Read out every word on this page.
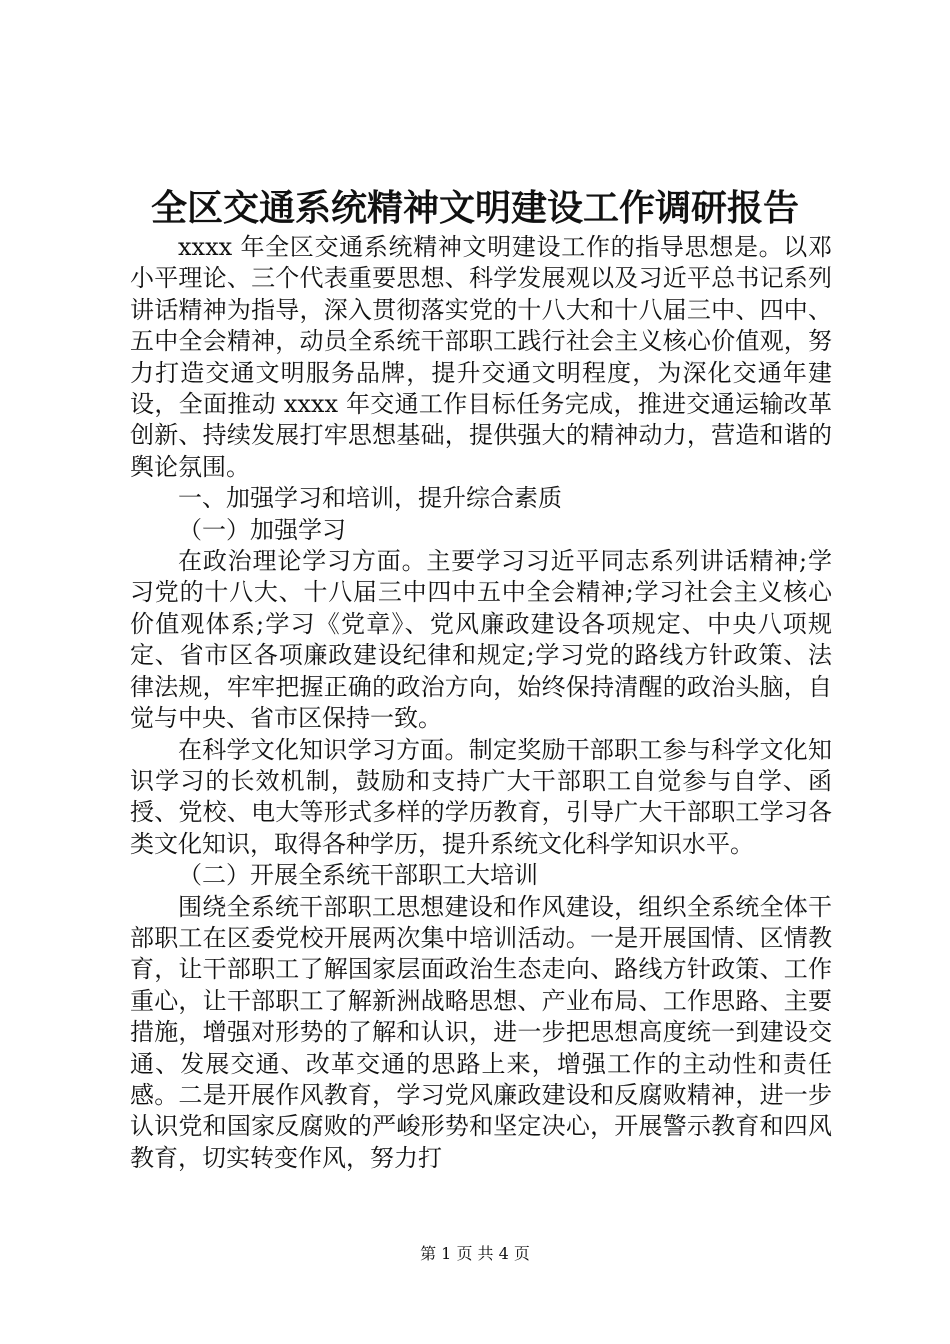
全区交通系统精神文明建设工作调研报告

xxxx 年全区交通系统精神文明建设工作的指导思想是。以邓小平理论、三个代表重要思想、科学发展观以及习近平总书记系列讲话精神为指导，深入贯彻落实党的十八大和十八届三中、四中、五中全会精神，动员全系统干部职工践行社会主义核心价值观，努力打造交通文明服务品牌，提升交通文明程度，为深化交通年建设，全面推动 xxxx 年交通工作目标任务完成，推进交通运输改革创新、持续发展打牢思想基础，提供强大的精神动力，营造和谐的舆论氛围。

一、加强学习和培训，提升综合素质

（一）加强学习

在政治理论学习方面。主要学习习近平同志系列讲话精神;学习党的十八大、十八届三中四中五中全会精神;学习社会主义核心价值观体系;学习《党章》、党风廉政建设各项规定、中央八项规定、省市区各项廉政建设纪律和规定;学习党的路线方针政策、法律法规，牢牢把握正确的政治方向，始终保持清醒的政治头脑，自觉与中央、省市区保持一致。

在科学文化知识学习方面。制定奖励干部职工参与科学文化知识学习的长效机制，鼓励和支持广大干部职工自觉参与自学、函授、党校、电大等形式多样的学历教育，引导广大干部职工学习各类文化知识，取得各种学历，提升系统文化科学知识水平。

（二）开展全系统干部职工大培训

围绕全系统干部职工思想建设和作风建设，组织全系统全体干部职工在区委党校开展两次集中培训活动。一是开展国情、区情教育，让干部职工了解国家层面政治生态走向、路线方针政策、工作重心，让干部职工了解新洲战略思想、产业布局、工作思路、主要措施，增强对形势的了解和认识，进一步把思想高度统一到建设交通、发展交通、改革交通的思路上来，增强工作的主动性和责任感。二是开展作风教育，学习党风廉政建设和反腐败精神，进一步认识党和国家反腐败的严峻形势和坚定决心，开展警示教育和四风教育，切实转变作风，努力打

第 1 页 共 4 页
